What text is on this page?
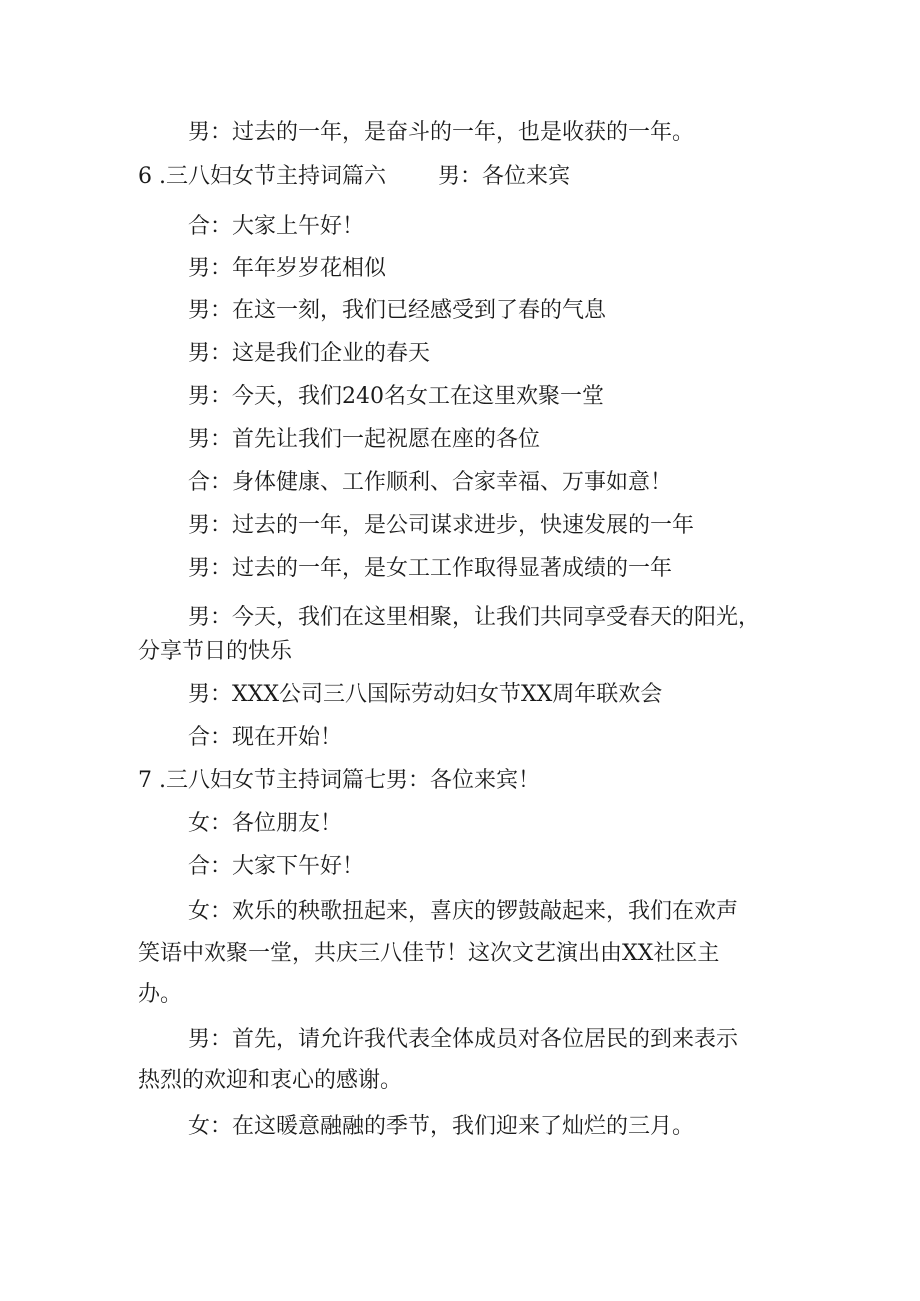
男：过去的一年，是奋斗的一年，也是收获的一年。

6 .三八妇女节主持词篇六 男：各位来宾

合：大家上午好！

男：年年岁岁花相似

男：在这一刻，我们已经感受到了春的气息

男：这是我们企业的春天

男：今天，我们240名女工在这里欢聚一堂

男：首先让我们一起祝愿在座的各位

合：身体健康、工作顺利、合家幸福、万事如意！

男：过去的一年，是公司谋求进步，快速发展的一年

男：过去的一年，是女工工作取得显著成绩的一年

男：今天，我们在这里相聚，让我们共同享受春天的阳光，

分享节日的快乐

男：XXX公司三八国际劳动妇女节XX周年联欢会

合：现在开始！

7 .三八妇女节主持词篇七男：各位来宾！

女：各位朋友！

合：大家下午好！

女：欢乐的秧歌扭起来，喜庆的锣鼓敲起来，我们在欢声

笑语中欢聚一堂，共庆三八佳节！这次文艺演出由XX社区主

办。

男：首先，请允许我代表全体成员对各位居民的到来表示

热烈的欢迎和衷心的感谢。

女：在这暖意融融的季节，我们迎来了灿烂的三月。
